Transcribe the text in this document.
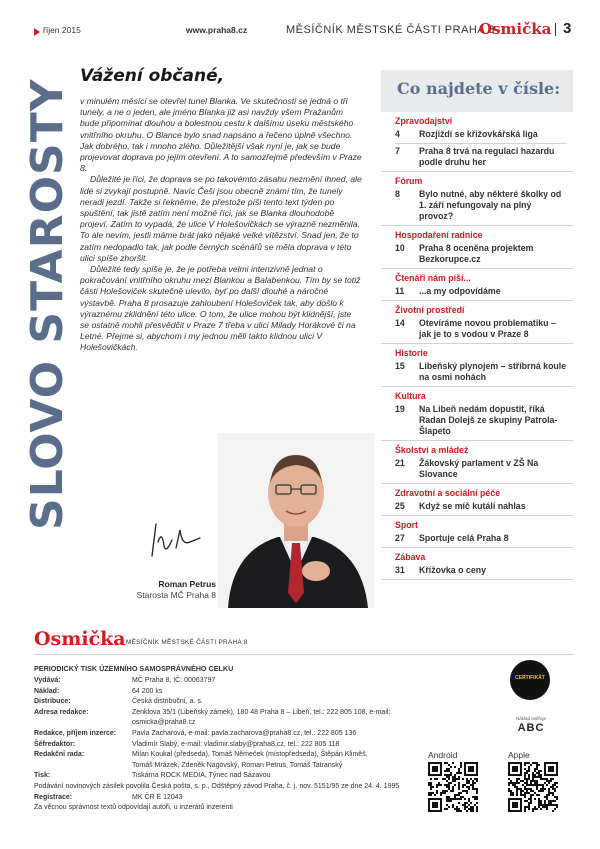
říjen 2015	www.praha8.cz	MĚSÍČNÍK MĚSTSKÉ ČÁSTI PRAHA 8
Osmička 3
SLOVO STAROSTY
Vážení občané,

v minulém měsíci se otevřel tunel Blanka. Ve skutečnosti se jedná o tři tunely, a ne o jeden, ale jméno Blanka již asi navždy všem Pražanům bude připomínat dlouhou a bolestnou cestu k dalšímu úseku městského vnitřního okruhu. O Blance bylo snad napsáno a řečeno úplně všechno. Jak dobrého, tak i mnoho zlého. Důležitější však nyní je, jak se bude projevovat doprava po jejím otevření. A to samozřejmě především v Praze 8.

Důležité je říci, že doprava se po takovémto zásahu nezmění ihned, ale lidé si zvykají postupně. Navíc Češi jsou obecně známí tím, že tunely neradi jezdí. Takže si řekněme, že přestože píši tento text týden po spuštění, tak jistě zatím není možné říci, jak se Blanka dlouhodobě projeví. Zatím to vypadá, že ulice V Holešovičkách se výrazně nezměnila. To ale nevím, jestli máme brát jako nějaké velké vítězství. Snad jen, že to zatím nedopadlo tak, jak podle černých scénářů se měla doprava v této ulici spíše zhoršit.

Důležité tedy spíše je, že je potřeba velmi intenzivně jednat o pokračování vnitřního okruhu mezi Blankou a Balabenkou. Tím by se totiž části Holešoviček skutečně ulevilo, byť po další dlouhé a náročné výstavbě. Praha 8 prosazuje zahloubení Holešoviček tak, aby došlo k výraznému zklidnění této ulice. O tom, že ulice mohou být klidnější, jste se ostatně mohli přesvědčit v Praze 7 třeba v ulici Milady Horákové či na Letné. Přejme si, abychom i my jednou měli takto klidnou ulici V Holešovičkách.

Roman Petrus
Starosta MČ Praha 8
Co najdete v čísle:
Zpravodajství
4	Rozjíždí se křižovkářská liga
7	Praha 8 trvá na regulaci hazardu podle druhu her
Fórum
8	Bylo nutné, aby některé školky od 1. září nefungovaly na plný provoz?
Hospodaření radnice
10	Praha 8 oceněna projektem Bezkorupce.cz
Čtenáři nám píší...
11	...a my odpovídáme
Životní prostředí
14	Otevíráme novou problematiku – jak je to s vodou v Praze 8
Historie
15	Libeňský plynojem – stříbrná koule na osmi nohách
Kultura
19	Na Libeň nedám dopustit, říká Radan Dolejš ze skupiny Patrola-Šlapeto
Školství a mládež
21	Žákovský parlament v ZŠ Na Slovance
Zdravotní a sociální péče
25	Když se míč kutálí nahlas
Sport
27	Sportuje celá Praha 8
Zábava
31	Křížovka o ceny
Osmička MĚSÍČNÍK MĚSTSKÉ ČÁSTI PRAHA 8
PERIODICKÝ TISK ÚZEMNÍHO SAMOSPRÁVNÉHO CELKU
Vydává:	MČ Praha 8, IČ: 00063797
Náklad:	64 200 ks
Distribuce:	Česká distribuční, a. s.
Adresa redakce:	Zenklova 35/1 (Libeňský zámek), 180 48 Praha 8 – Libeň, tel.: 222 805 108, e-mail: osmicka@praha8.cz
Redakce, příjem inzerce:	Pavla Zacharová, e-mail: pavla.zacharova@praha8.cz, tel.: 222 805 136
Šéfredaktor:	Vladimír Slabý, e-mail: vladimir.slaby@praha8.cz, tel.: 222 805 118
Redakční rada:	Milan Koukal (předseda), Tomáš Němeček (místopředseda), Štěpán Kliměš,
Tomáš Mrázek, Zdeněk Nagovský, Roman Petrus, Tomáš Tatranský
Tisk:	Tiskárna ROCK MEDIA, Týnec nad Sázavou
Podávání novinových zásilek povolila Česká pošta, s. p., Odštěpný závod Praha, č. j. nov. 5151/95 ze dne 24. 4. 1995
Registrace:	MK ČR E 12043
Za věcnou správnost textů odpovídají autoři, u inzerátů inzerenti
CERTIFIKÁT
Náklad ověřuje
ABC
Android	Apple
